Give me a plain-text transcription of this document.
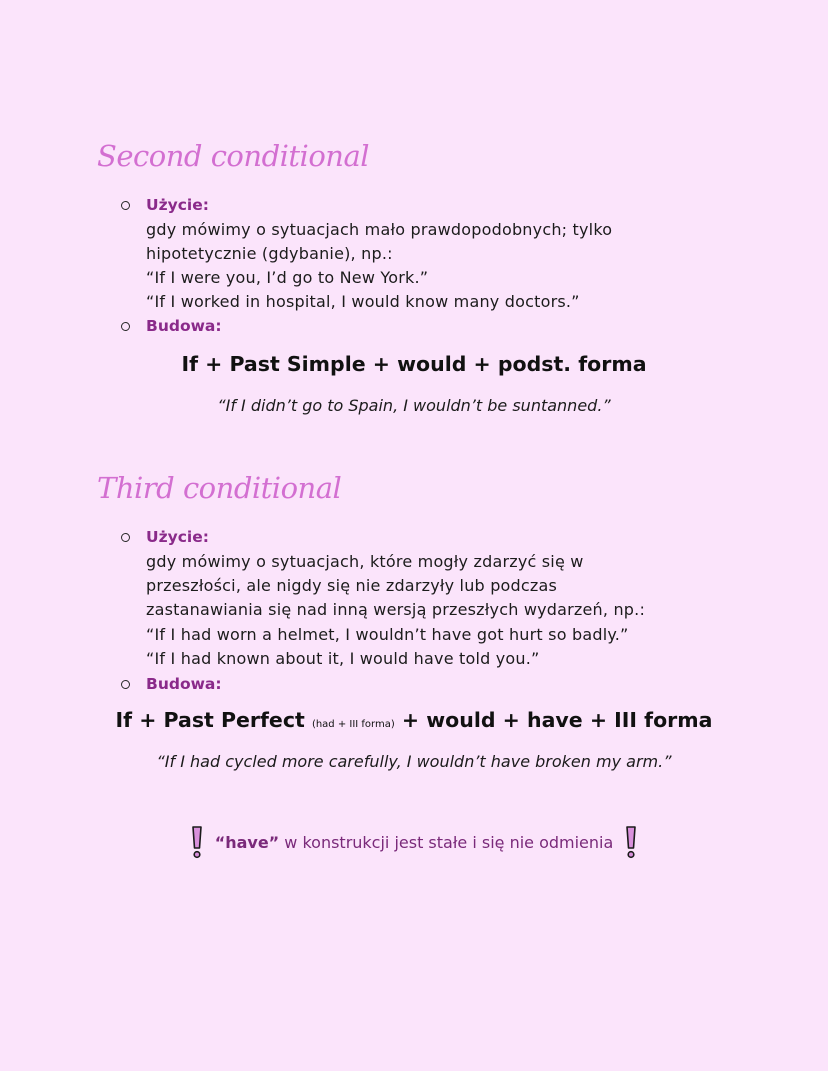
Second conditional
Użycie:
gdy mówimy o sytuacjach mało prawdopodobnych; tylko
hipotetycznie (gdybanie), np.:
“If I were you, I’d go to New York.”
“If I worked in hospital, I would know many doctors.”
Budowa:
If + Past Simple + would + podst. forma
“If I didn’t go to Spain, I wouldn’t be suntanned.”
Third conditional
Użycie:
gdy mówimy o sytuacjach, które mogły zdarzyć się w
przeszłości, ale nigdy się nie zdarzyły lub podczas
zastanawiania się nad inną wersją przeszłych wydarzeń, np.:
“If I had worn a helmet, I wouldn’t have got hurt so badly.”
“If I had known about it, I would have told you.”
Budowa:
If + Past Perfect (had + III forma) + would + have + III forma
“If I had cycled more carefully, I wouldn’t have broken my arm.”
“have” w konstrukcji jest stałe i się nie odmienia
